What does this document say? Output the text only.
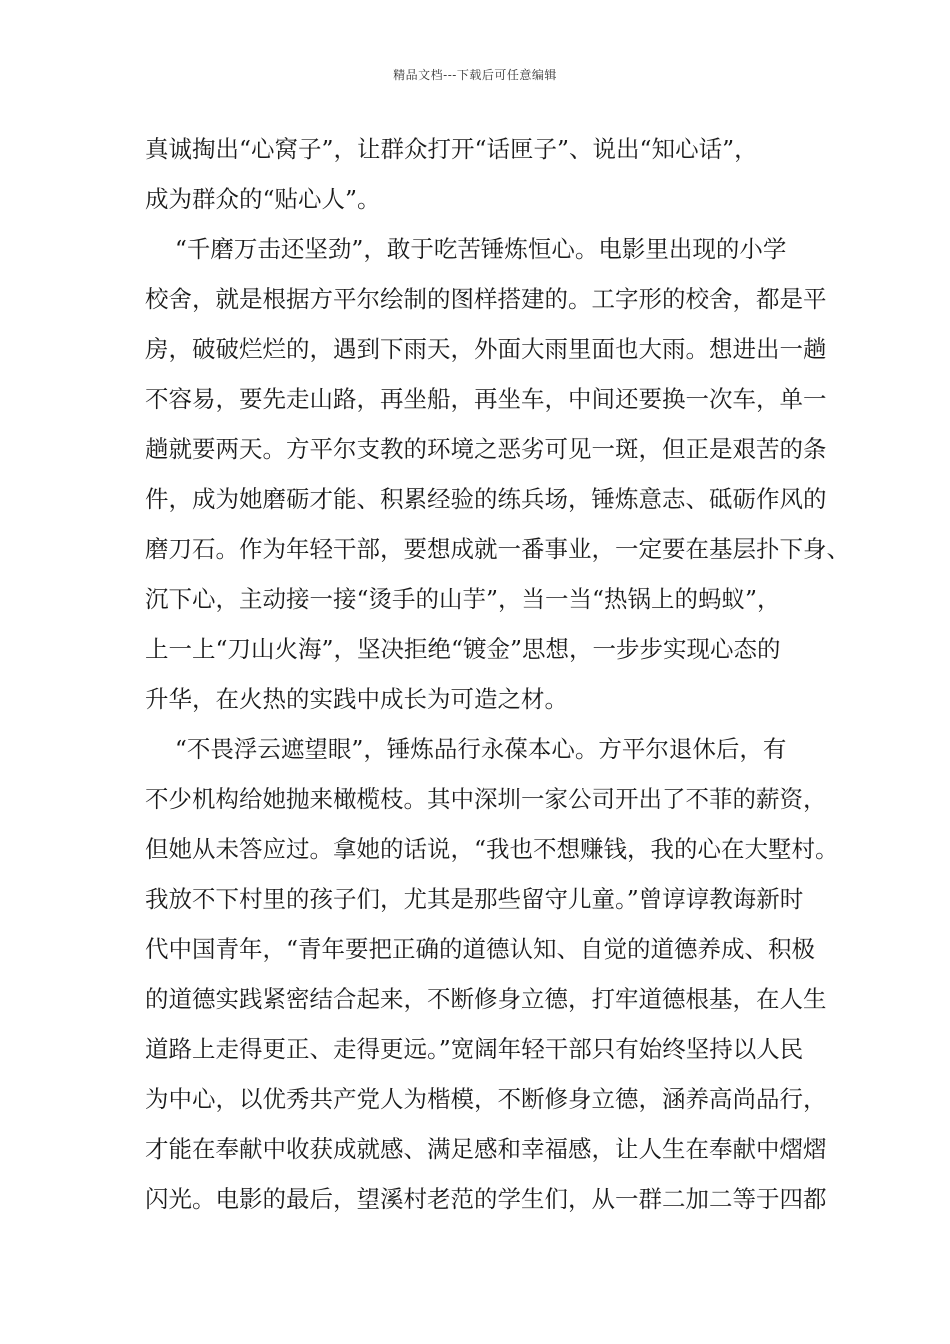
精品文档---下载后可任意编辑
真诚掏出“心窝子”，让群众打开“话匣子”、说出“知心话”，
成为群众的“贴心人”。
“千磨万击还坚劲”，敢于吃苦锤炼恒心。电影里出现的小学
校舍，就是根据方平尔绘制的图样搭建的。工字形的校舍，都是平
房，破破烂烂的，遇到下雨天，外面大雨里面也大雨。想进出一趟
不容易，要先走山路，再坐船，再坐车，中间还要换一次车，单一
趟就要两天。方平尔支教的环境之恶劣可见一斑，但正是艰苦的条
件，成为她磨砺才能、积累经验的练兵场，锤炼意志、砥砺作风的
磨刀石。作为年轻干部，要想成就一番事业，一定要在基层扑下身、
沉下心，主动接一接“烫手的山芋”，当一当“热锅上的蚂蚁”，
上一上“刀山火海”，坚决拒绝“镀金”思想，一步步实现心态的
升华，在火热的实践中成长为可造之材。
“不畏浮云遮望眼”，锤炼品行永葆本心。方平尔退休后，有
不少机构给她抛来橄榄枝。其中深圳一家公司开出了不菲的薪资，
但她从未答应过。拿她的话说，“我也不想赚钱，我的心在大墅村。
我放不下村里的孩子们，尤其是那些留守儿童。”曾谆谆教诲新时
代中国青年，“青年要把正确的道德认知、自觉的道德养成、积极
的道德实践紧密结合起来，不断修身立德，打牢道德根基，在人生
道路上走得更正、走得更远。”宽阔年轻干部只有始终坚持以人民
为中心，以优秀共产党人为楷模，不断修身立德，涵养高尚品行，
才能在奉献中收获成就感、满足感和幸福感，让人生在奉献中熠熠
闪光。电影的最后，望溪村老范的学生们，从一群二加二等于四都
